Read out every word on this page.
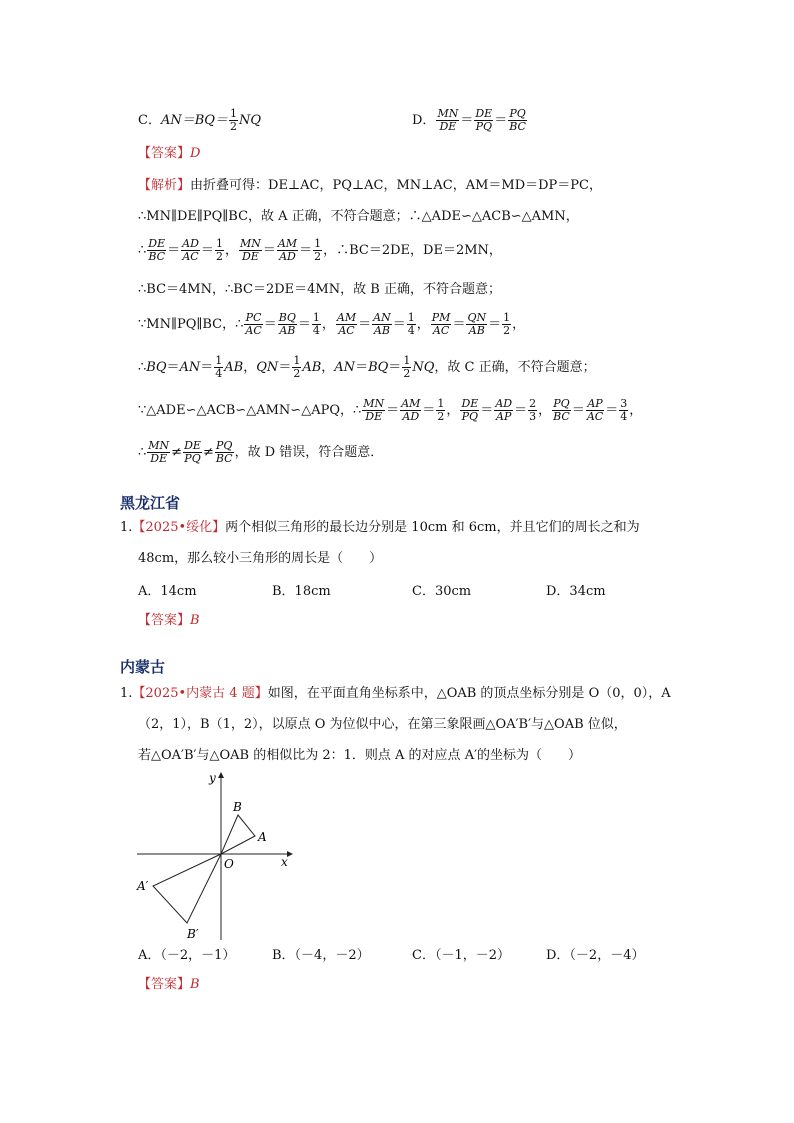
C．$AN=BQ= \frac{1}{2}$ NQ	D． $\frac{MN}{DE} = \frac{DE}{PQ} = \frac{PQ}{BC}$
【答案】D
【解析】由折叠可得：DE⊥AC，PQ⊥AC，MN⊥AC，AM＝MD＝DP＝PC，
∴MN∥DE∥PQ∥BC，故 A 正确，不符合题意；∴△ADE∽△ACB∽△AMN，
∴ $\frac{DE}{BC} = \frac{AD}{AC} = \frac{1}{2}$ ， $\frac{MN}{DE} = \frac{AM}{AD} = \frac{1}{2}$ ，∴BC＝2DE，DE＝2MN，
∴BC＝4MN，∴BC＝2DE＝4MN，故 B 正确，不符合题意；
∵MN∥PQ∥BC，∴ $\frac{PC}{AC} = \frac{BQ}{AB} = \frac{1}{4}$ ， $\frac{AM}{AC} = \frac{AN}{AB} = \frac{1}{4}$ ， $\frac{PM}{AC} = \frac{QN}{AB} = \frac{1}{2}$ ，
∴BQ＝AN＝ $\frac{1}{4}$ AB，$QN= \frac{1}{2}$ AB，$AN=BQ= \frac{1}{2}$ NQ，故 C 正确，不符合题意；
∵△ADE∽△ACB∽△AMN∽△APQ，∴ $\frac{MN}{DE} = \frac{AM}{AD} = \frac{1}{2}$ ， $\frac{DE}{PQ} = \frac{AD}{AP} = \frac{2}{3}$ ， $\frac{PQ}{BC} = \frac{AP}{AC} = \frac{3}{4}$ ，
∴ $\frac{MN}{DE} \ne \frac{DE}{PQ} \ne \frac{PQ}{BC}$ ，故 D 错误，符合题意．
黑龙江省
1.【2025•绥化】两个相似三角形的最长边分别是 10cm 和 6cm，并且它们的周长之和为
48cm，那么较小三角形的周长是（　　）
A．14cm	B．18cm	C．30cm	D．34cm
【答案】B
内蒙古
1.【2025•内蒙古 4 题】如图，在平面直角坐标系中，△OAB 的顶点坐标分别是 O（0，0），A
（2，1），B（1，2），以原点 O 为位似中心，在第三象限画△OA′B′与△OAB 位似，
若△OA′B′与△OAB 的相似比为 2：1．则点 A 的对应点 A′的坐标为（　　）
y
x
O
A
B
A′
B′
A．（－2，－1）	B．（－4，－2）	C．（－1，－2）	D．（－2，－4）
【答案】B
